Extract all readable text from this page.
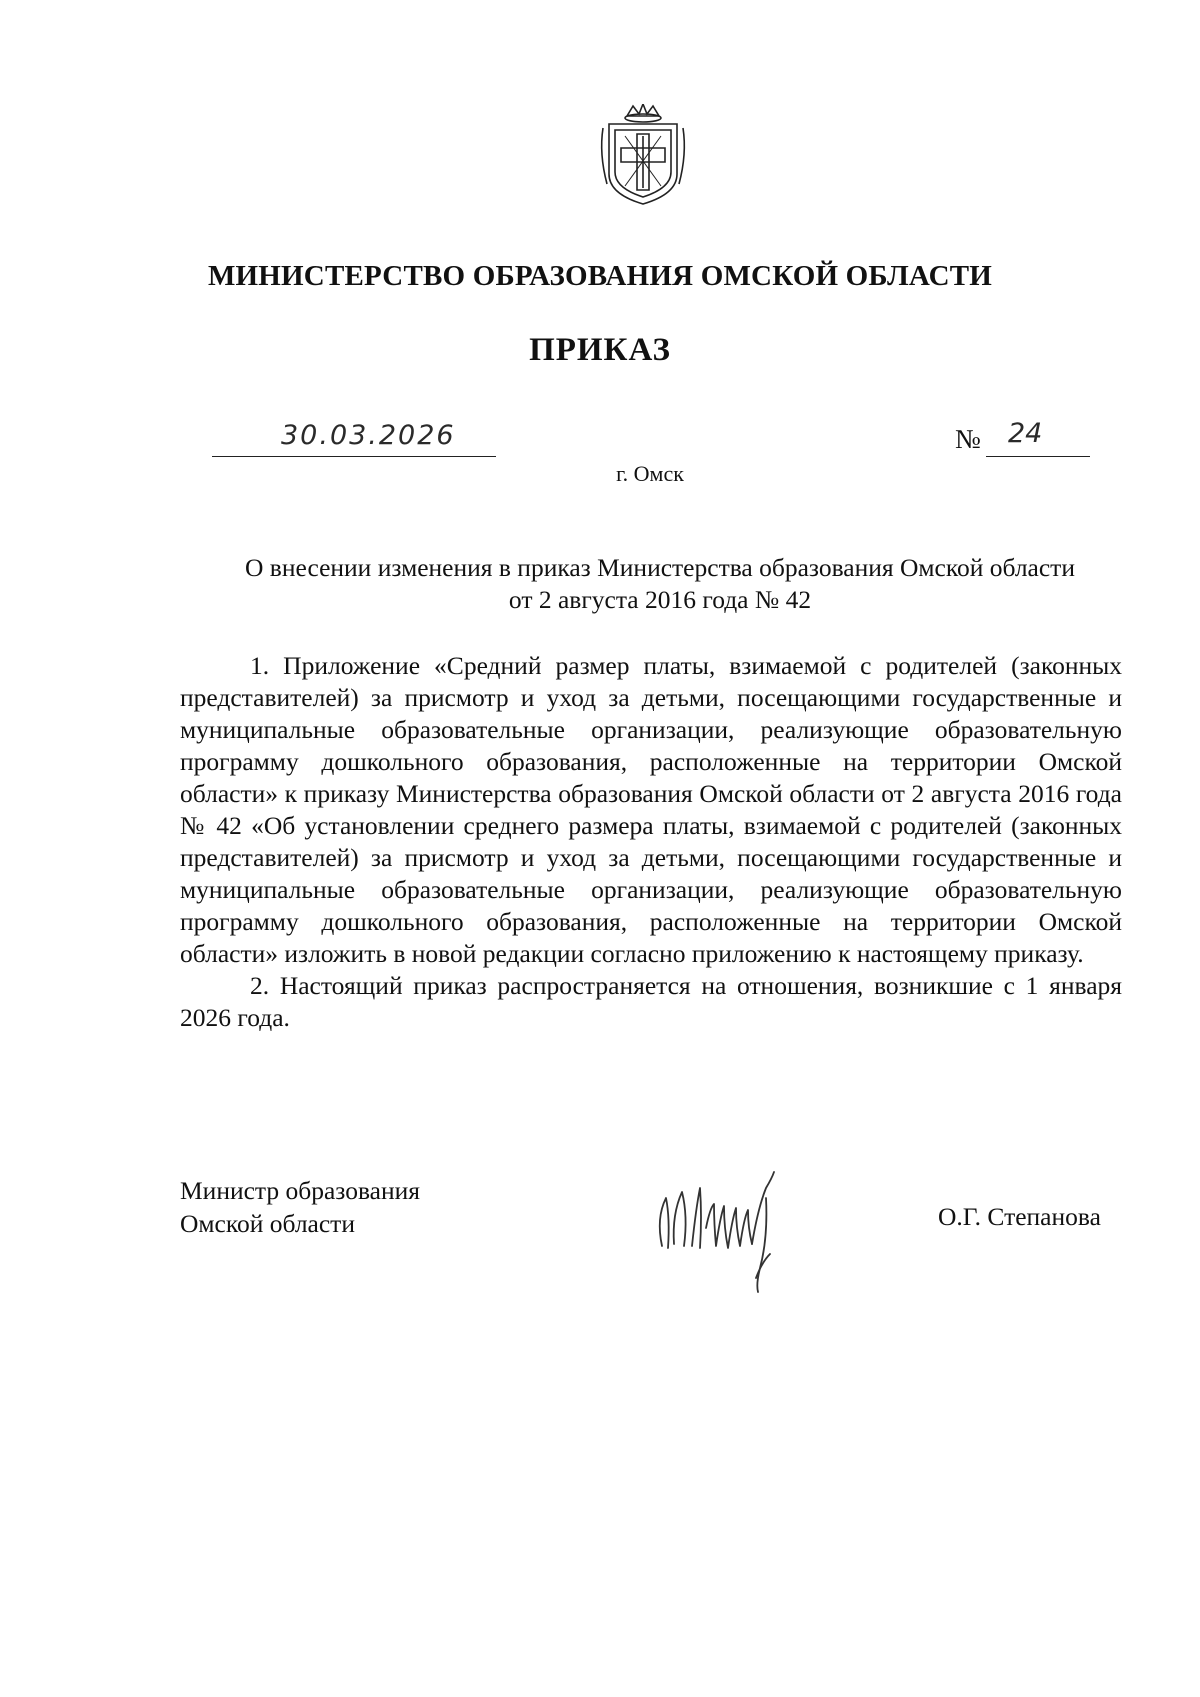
МИНИСТЕРСТВО ОБРАЗОВАНИЯ ОМСКОЙ ОБЛАСТИ
ПРИКАЗ
30.03.2026	№ 24
г. Омск
О внесении изменения в приказ Министерства образования Омской области
от 2 августа 2016 года № 42

1. Приложение «Средний размер платы, взимаемой с родителей (законных представителей) за присмотр и уход за детьми, посещающими государственные и муниципальные образовательные организации, реализующие образовательную программу дошкольного образования, расположенные на территории Омской области» к приказу Министерства образования Омской области от 2 августа 2016 года № 42 «Об установлении среднего размера платы, взимаемой с родителей (законных представителей) за присмотр и уход за детьми, посещающими государственные и муниципальные образовательные организации, реализующие образовательную программу дошкольного образования, расположенные на территории Омской области» изложить в новой редакции согласно приложению к настоящему приказу.

2. Настоящий приказ распространяется на отношения, возникшие с 1 января 2026 года.

Министр образования
Омской области	О.Г. Степанова
